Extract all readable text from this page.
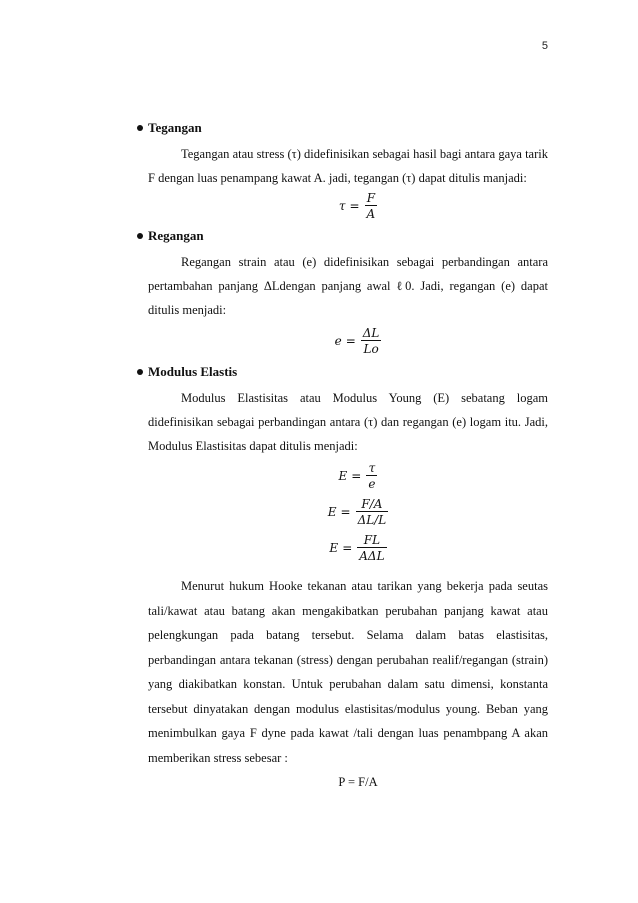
5
Tegangan

Tegangan atau stress (τ) didefinisikan sebagai hasil bagi antara gaya tarik F dengan luas penampang kawat A. jadi, tegangan (τ) dapat ditulis manjadi:

$\tau = \frac{F}{A}$
Regangan

Regangan strain atau (e) didefinisikan sebagai perbandingan antara pertambahan panjang ΔLdengan panjang awal ℓ0. Jadi, regangan (e) dapat ditulis menjadi:

$e = \frac{\Delta L}{Lo}$
Modulus Elastis

Modulus Elastisitas atau Modulus Young (E) sebatang logam didefinisikan sebagai perbandingan antara (τ) dan regangan (e) logam itu. Jadi, Modulus Elastisitas dapat ditulis menjadi:

$E = \frac{\tau}{e}$
$E = \frac{F/A}{\Delta L/L}$
$E = \frac{FL}{\text{AΔL}}$

Menurut hukum Hooke tekanan atau tarikan yang bekerja pada seutas tali/kawat atau batang akan mengakibatkan perubahan panjang kawat atau pelengkungan pada batang tersebut. Selama dalam batas elastisitas, perbandingan antara tekanan (stress) dengan perubahan realif/regangan (strain) yang diakibatkan konstan. Untuk perubahan dalam satu dimensi, konstanta tersebut dinyatakan dengan modulus elastisitas/modulus young. Beban yang menimbulkan gaya F dyne pada kawat /tali dengan luas penambpang A akan memberikan stress sebesar :

P = F/A
